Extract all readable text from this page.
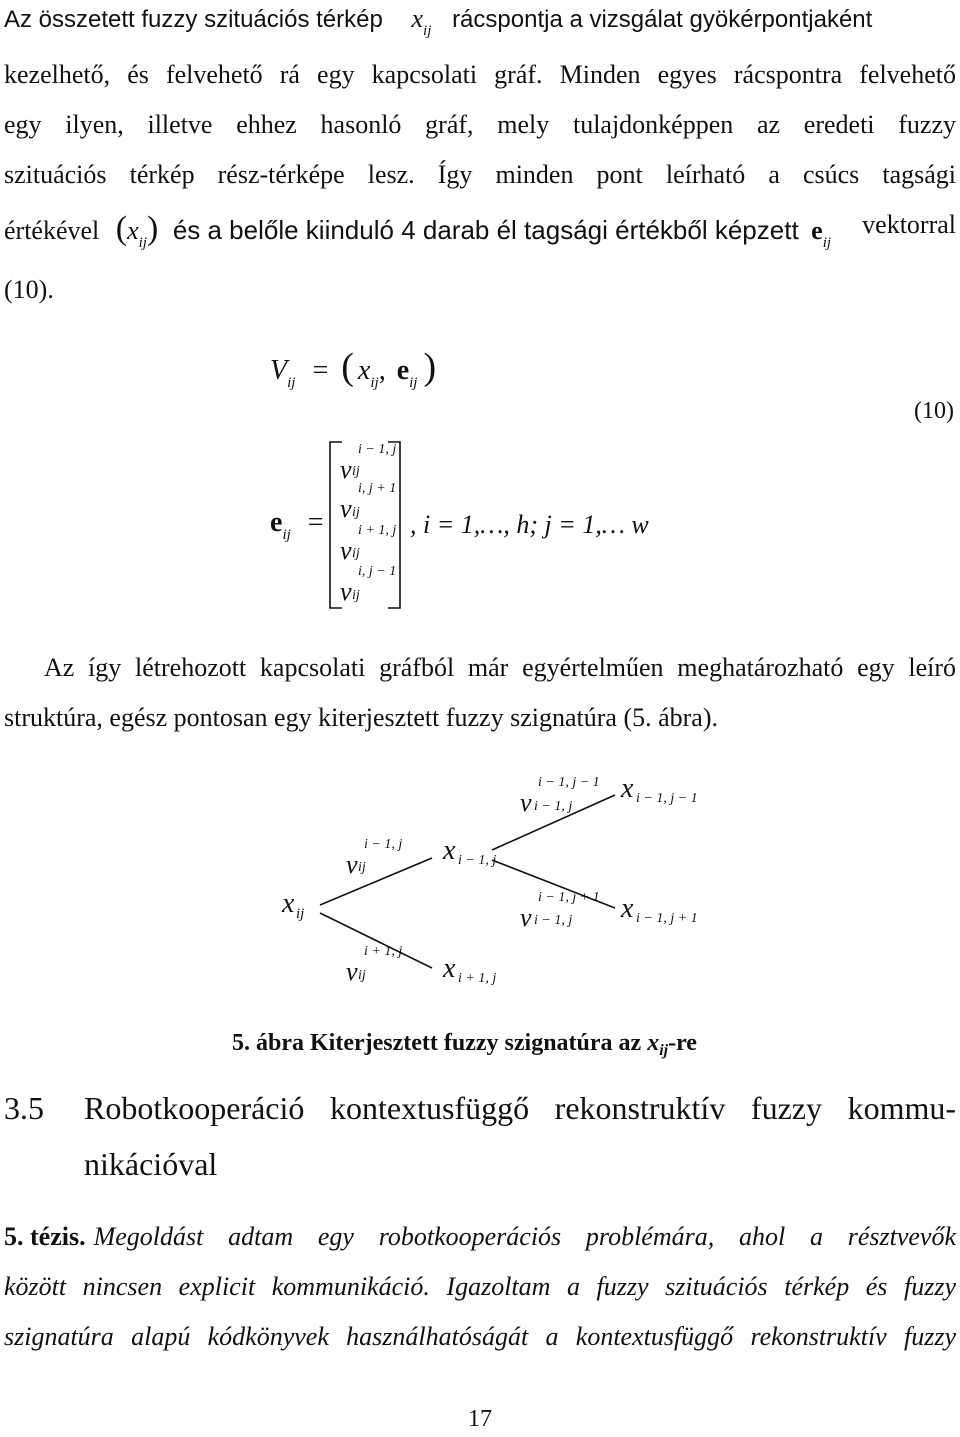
Az összetett fuzzy szituációs térkép $x_{ij}$ rácspontja a vizsgálat gyökérpontjaként
kezelhető, és felvehető rá egy kapcsolati gráf. Minden egyes rácspontra felvehető
egy ilyen, illetve ehhez hasonló gráf, mely tulajdonképpen az eredeti fuzzy
szituációs térkép rész-térképe lesz. Így minden pont leírható a csúcs tagsági
értékével $(x_{ij})$ és a belőle kiinduló 4 darab él tagsági értékből képzett $e_{ij}$
vektorral
(10).
$V_{ij}$ = ( $x_{ij}$, $e_{ij}$ )
(10)
$e_{ij}$ =
v
i − 1, j
ij
v
i, j + 1
ij
v
i + 1, j
ij
v
i, j − 1
ij
, i = 1,…, h; j = 1,… w
Az így létrehozott kapcsolati gráfból már egyértelműen meghatározható egy leíró
struktúra, egész pontosan egy kiterjesztett fuzzy szignatúra (5. ábra).
x ij
v
i − 1, j
ij
v
i + 1, j
ij
x i − 1, j
x i + 1, j
v
i − 1, j − 1
i − 1, j
v
i − 1, j + 1
i − 1, j
x i − 1, j − 1
x i − 1, j + 1
5. ábra Kiterjesztett fuzzy szignatúra az $x_{ij}-re$
3.5 Robotkooperáció kontextusfüggő rekonstruktív fuzzy kommu-
nikációval
5. tézis. Megoldást adtam egy robotkooperációs problémára, ahol a résztvevők
között nincsen explicit kommunikáció. Igazoltam a fuzzy szituációs térkép és fuzzy
szignatúra alapú kódkönyvek használhatóságát a kontextusfüggő rekonstruktív fuzzy
17
